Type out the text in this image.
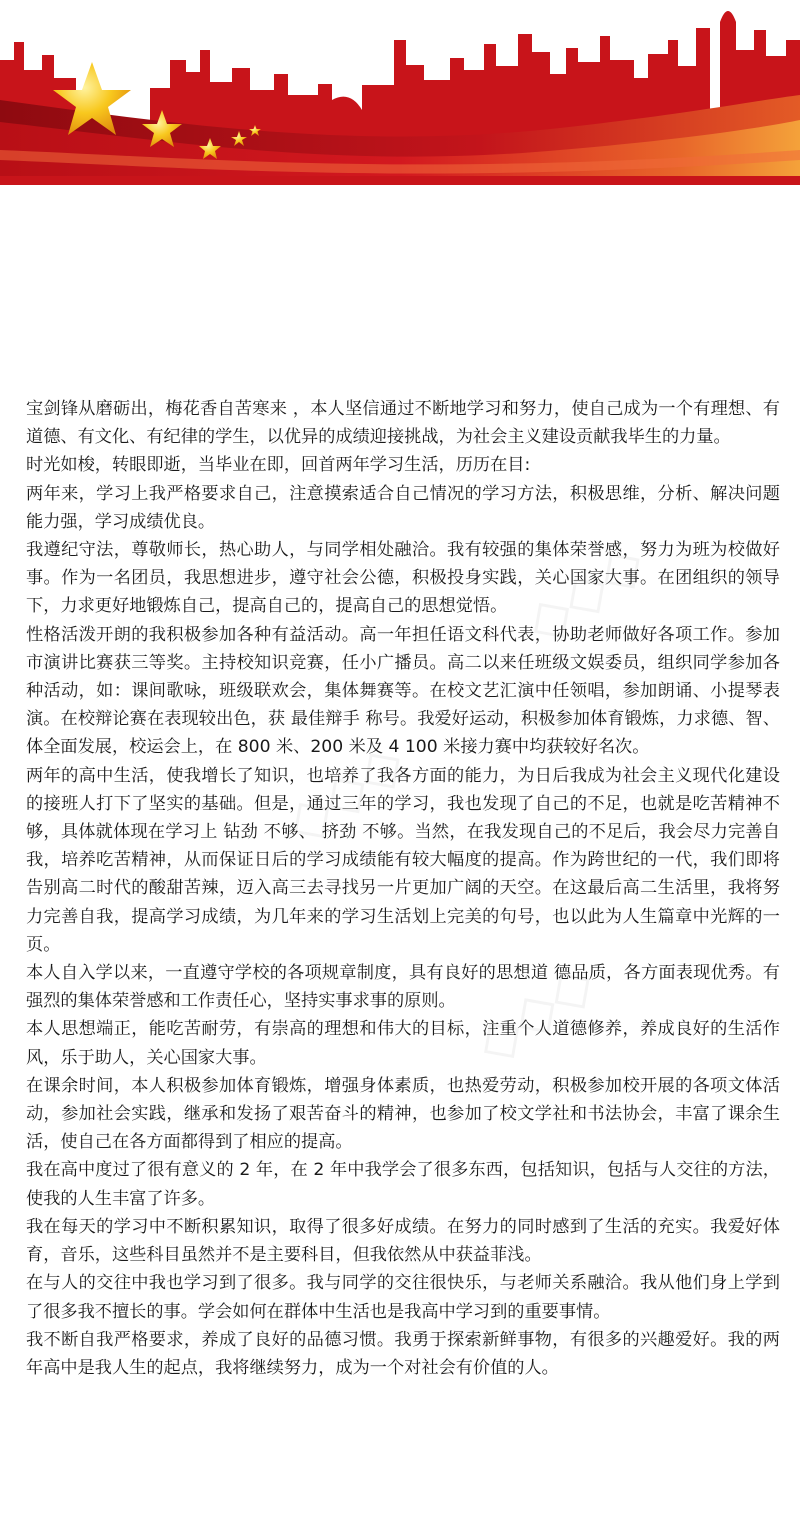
宝剑锋从磨砺出，梅花香自苦寒来 ，本人坚信通过不断地学习和努力，使自己成为一个有理想、有道德、有文化、有纪律的学生，以优异的成绩迎接挑战，为社会主义建设贡献我毕生的力量。

时光如梭，转眼即逝，当毕业在即，回首两年学习生活，历历在目:

两年来，学习上我严格要求自己，注意摸索适合自己情况的学习方法，积极思维，分析、解决问题能力强，学习成绩优良。

我遵纪守法，尊敬师长，热心助人，与同学相处融洽。我有较强的集体荣誉感，努力为班为校做好事。作为一名团员，我思想进步，遵守社会公德，积极投身实践，关心国家大事。在团组织的领导下，力求更好地锻炼自己，提高自己的，提高自己的思想觉悟。

性格活泼开朗的我积极参加各种有益活动。高一年担任语文科代表，协助老师做好各项工作。参加市演讲比赛获三等奖。主持校知识竞赛，任小广播员。高二以来任班级文娱委员，组织同学参加各种活动，如：课间歌咏，班级联欢会，集体舞赛等。在校文艺汇演中任领唱，参加朗诵、小提琴表演。在校辩论赛在表现较出色，获 最佳辩手 称号。我爱好运动，积极参加体育锻炼，力求德、智、体全面发展，校运会上，在 800 米、200 米及 4 100 米接力赛中均获较好名次。

两年的高中生活，使我增长了知识，也培养了我各方面的能力，为日后我成为社会主义现代化建设的接班人打下了坚实的基础。但是，通过三年的学习，我也发现了自己的不足，也就是吃苦精神不够，具体就体现在学习上 钻劲 不够、 挤劲 不够。当然，在我发现自己的不足后，我会尽力完善自我，培养吃苦精神，从而保证日后的学习成绩能有较大幅度的提高。作为跨世纪的一代，我们即将告别高二时代的酸甜苦辣，迈入高三去寻找另一片更加广阔的天空。在这最后高二生活里，我将努力完善自我，提高学习成绩，为几年来的学习生活划上完美的句号，也以此为人生篇章中光辉的一页。

本人自入学以来，一直遵守学校的各项规章制度，具有良好的思想道 德品质，各方面表现优秀。有强烈的集体荣誉感和工作责任心，坚持实事求事的原则。

本人思想端正，能吃苦耐劳，有崇高的理想和伟大的目标，注重个人道德修养，养成良好的生活作风，乐于助人，关心国家大事。

在课余时间，本人积极参加体育锻炼，增强身体素质，也热爱劳动，积极参加校开展的各项文体活动，参加社会实践，继承和发扬了艰苦奋斗的精神，也参加了校文学社和书法协会，丰富了课余生活，使自己在各方面都得到了相应的提高。

我在高中度过了很有意义的 2 年，在 2 年中我学会了很多东西，包括知识，包括与人交往的方法，使我的人生丰富了许多。

我在每天的学习中不断积累知识，取得了很多好成绩。在努力的同时感到了生活的充实。我爱好体育，音乐，这些科目虽然并不是主要科目，但我依然从中获益菲浅。

在与人的交往中我也学习到了很多。我与同学的交往很快乐，与老师关系融洽。我从他们身上学到了很多我不擅长的事。学会如何在群体中生活也是我高中学习到的重要事情。

我不断自我严格要求，养成了良好的品德习惯。我勇于探索新鲜事物，有很多的兴趣爱好。我的两年高中是我人生的起点，我将继续努力，成为一个对社会有价值的人。
